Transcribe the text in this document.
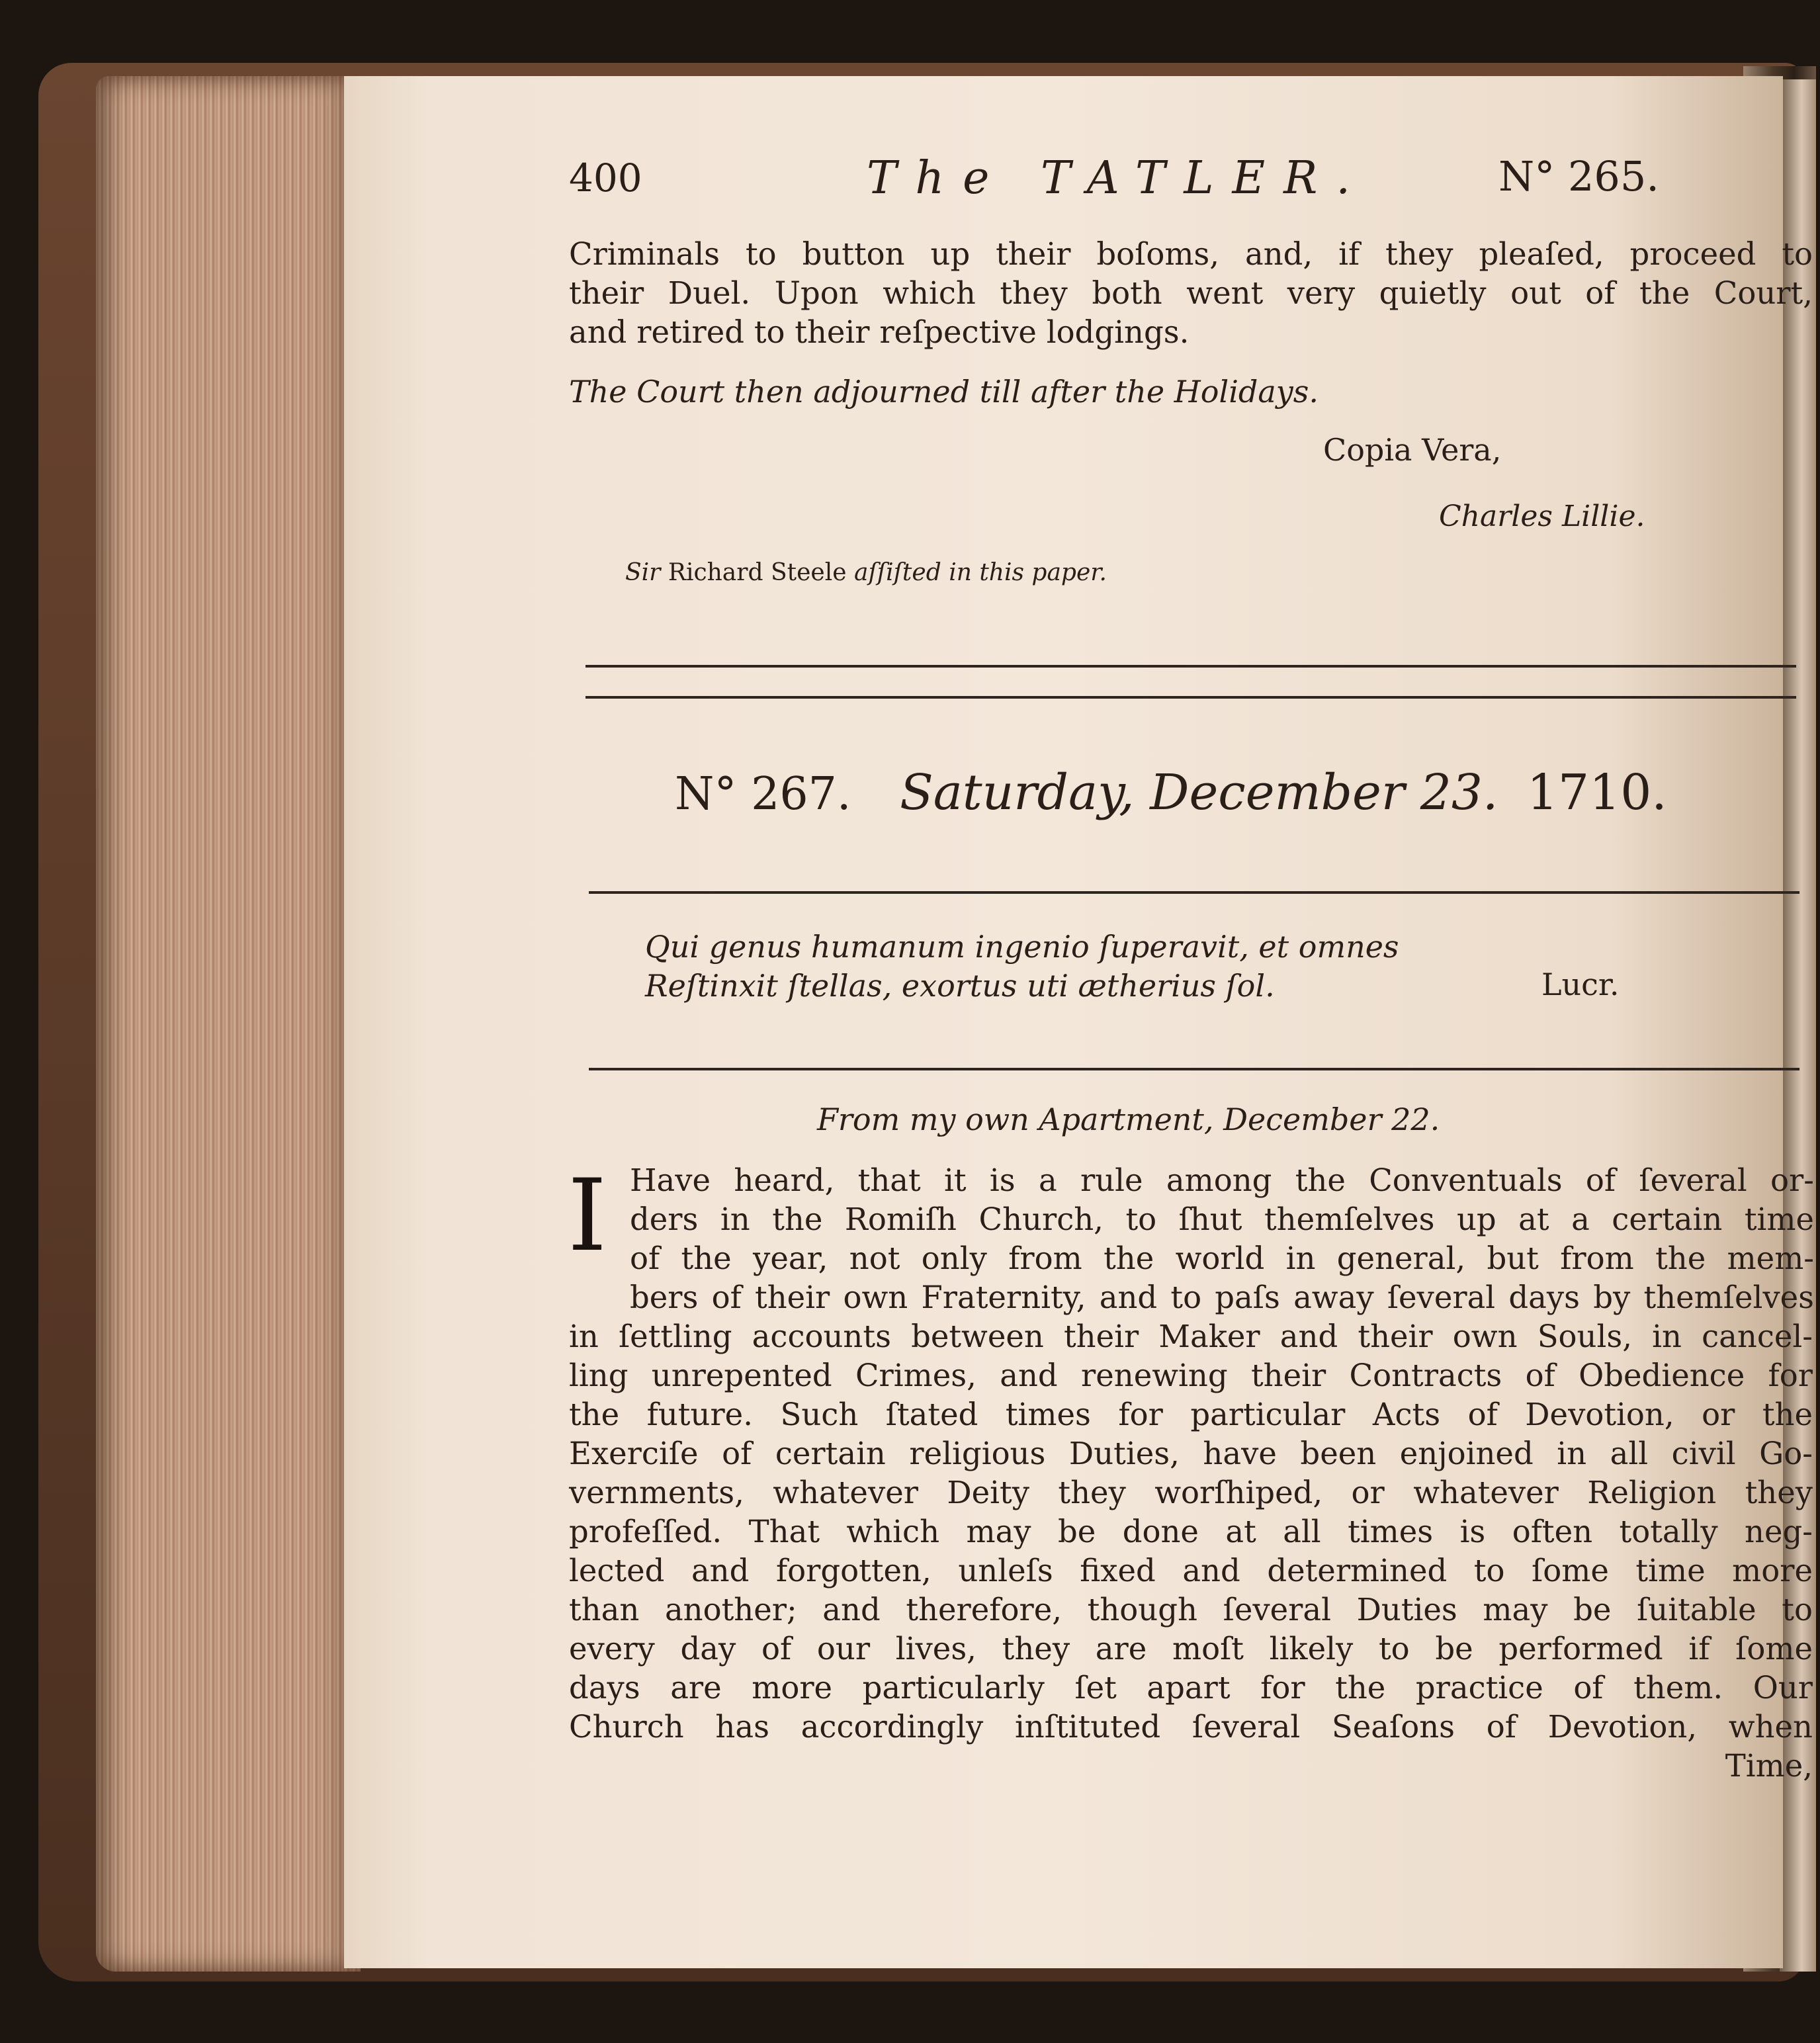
400	The TATLER.	N° 265.
Criminals to button up their boſoms, and, if they pleaſed, proceed to
their Duel. Upon which they both went very quietly out of the Court,
and retired to their reſpective lodgings.
The Court then adjourned till after the Holidays.
Copia Vera,
Charles Lillie.
Sir Richard Steele aſſiſted in this paper.
N° 267. Saturday, December 23. 1710.
Qui genus humanum ingenio ſuperavit, et omnes
Reſtinxit ſtellas, exortus uti ætherius ſol.	Lucr.
From my own Apartment, December 22.
I Have heard, that it is a rule among the Conventuals of ſeveral or-
ders in the Romiſh Church, to ſhut themſelves up at a certain time
of the year, not only from the world in general, but from the mem-
bers of their own Fraternity, and to paſs away ſeveral days by themſelves
in ſettling accounts between their Maker and their own Souls, in cancel-
ling unrepented Crimes, and renewing their Contracts of Obedience for
the future. Such ſtated times for particular Acts of Devotion, or the
Exerciſe of certain religious Duties, have been enjoined in all civil Go-
vernments, whatever Deity they worſhiped, or whatever Religion they
profeſſed. That which may be done at all times is often totally neg-
lected and forgotten, unleſs fixed and determined to ſome time more
than another; and therefore, though ſeveral Duties may be ſuitable to
every day of our lives, they are moſt likely to be performed if ſome
days are more particularly ſet apart for the practice of them. Our
Church has accordingly inſtituted ſeveral Seaſons of Devotion, when
Time,
